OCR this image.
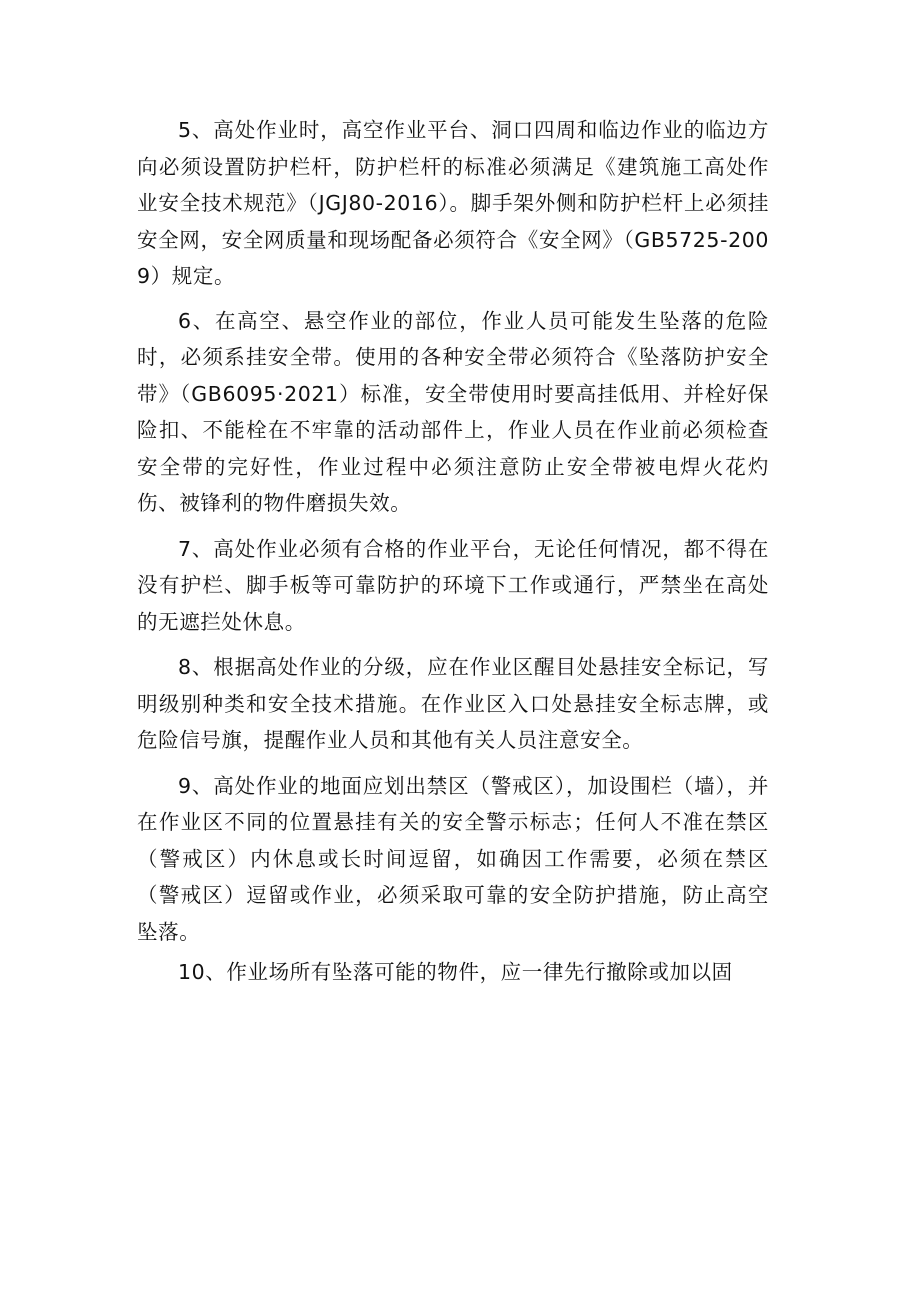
5、高处作业时，高空作业平台、洞口四周和临边作业的临边方向必须设置防护栏杆，防护栏杆的标准必须满足《建筑施工高处作业安全技术规范》（JGJ80-2016）。脚手架外侧和防护栏杆上必须挂安全网，安全网质量和现场配备必须符合《安全网》（GB5725-2009）规定。

6、在高空、悬空作业的部位，作业人员可能发生坠落的危险时，必须系挂安全带。使用的各种安全带必须符合《坠落防护安全带》（GB6095·2021）标准，安全带使用时要高挂低用、并栓好保险扣、不能栓在不牢靠的活动部件上，作业人员在作业前必须检查安全带的完好性，作业过程中必须注意防止安全带被电焊火花灼伤、被锋利的物件磨损失效。

7、高处作业必须有合格的作业平台，无论任何情况，都不得在没有护栏、脚手板等可靠防护的环境下工作或通行，严禁坐在高处的无遮拦处休息。

8、根据高处作业的分级，应在作业区醒目处悬挂安全标记，写明级别种类和安全技术措施。在作业区入口处悬挂安全标志牌，或危险信号旗，提醒作业人员和其他有关人员注意安全。

9、高处作业的地面应划出禁区（警戒区），加设围栏（墙），并在作业区不同的位置悬挂有关的安全警示标志；任何人不准在禁区（警戒区）内休息或长时间逗留，如确因工作需要，必须在禁区（警戒区）逗留或作业，必须采取可靠的安全防护措施，防止高空坠落。

10、作业场所有坠落可能的物件，应一律先行撤除或加以固
